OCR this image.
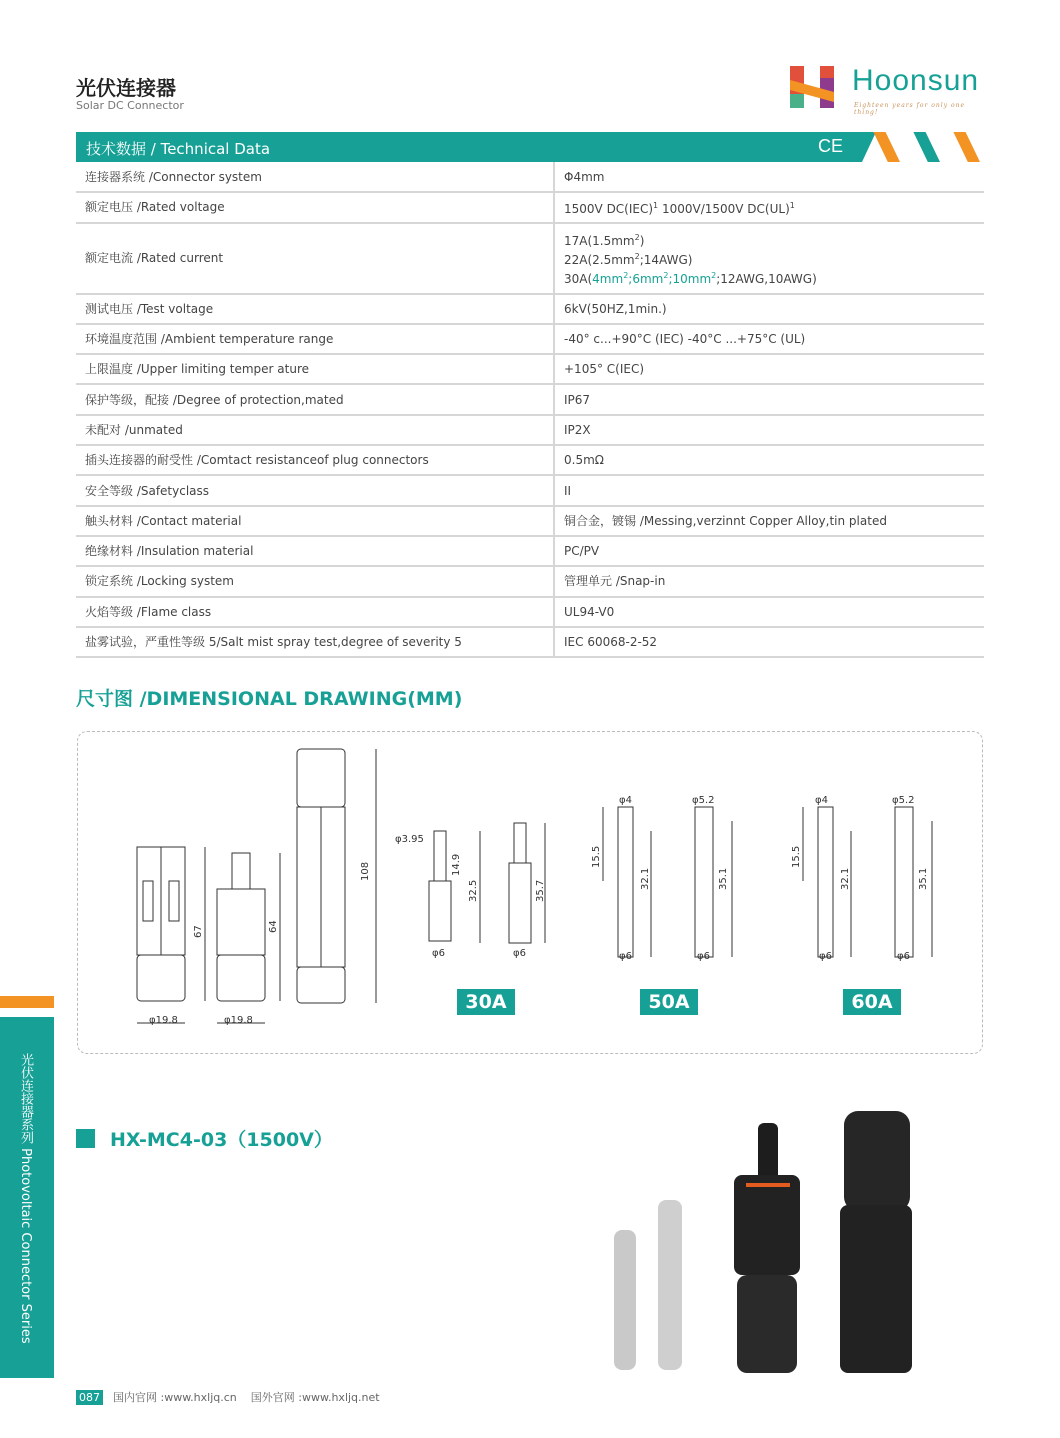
光伏连接器
Solar DC Connector
Hoonsun
Eighteen years for only one thing!
技术数据 / Technical Data	CE
连接器系统 /Connector system	Φ4mm
额定电压 /Rated voltage	1500V DC(IEC)$^1$ 1000V/1500V DC(UL)$^1$
额定电流 /Rated current	$17A(1.5mm^2)$
$22A(2.5mm^2;14AWG)$
$30A(4mm^2;6mm^2;10mm^2;12AWG,10AWG)$

测试电压 /Test voltage	6kV(50HZ,1min.)
环境温度范围 /Ambient temperature range	-40° c...+90°C (IEC) -40°C ...+75°C (UL)
上限温度 /Upper limiting temper ature	+105° C(IEC)
保护等级，配接 /Degree of protection,mated	IP67
未配对 /unmated	IP2X
插头连接器的耐受性 /Comtact resistanceof plug connectors	0.5mΩ
安全等级 /Safetyclass	II
触头材料 /Contact material	铜合金，镀锡 /Messing,verzinnt Copper Alloy,tin plated
绝缘材料 /Insulation material	PC/PV
锁定系统 /Locking system	管理单元 /Snap-in
火焰等级 /Flame class	UL94-V0
盐雾试验，严重性等级 5/Salt mist spray test,degree of severity 5	IEC 60068-2-52
尺寸图 /DIMENSIONAL DRAWING(MM)
φ19.8	φ19.8
67	64
108
φ3.95
14.9
32.5	35.7
φ6	φ6
30A
φ4	φ5.2
15.5
32.1	35.1
φ6	φ6
50A
φ4	φ5.2
15.5
32.1	35.1
φ6	φ6
60A
光伏连接器系列 Photovoltaic Connector Series	HX-MC4-03（1500V）
087 国内官网 :www.hxljq.cn 国外官网 :www.hxljq.net
